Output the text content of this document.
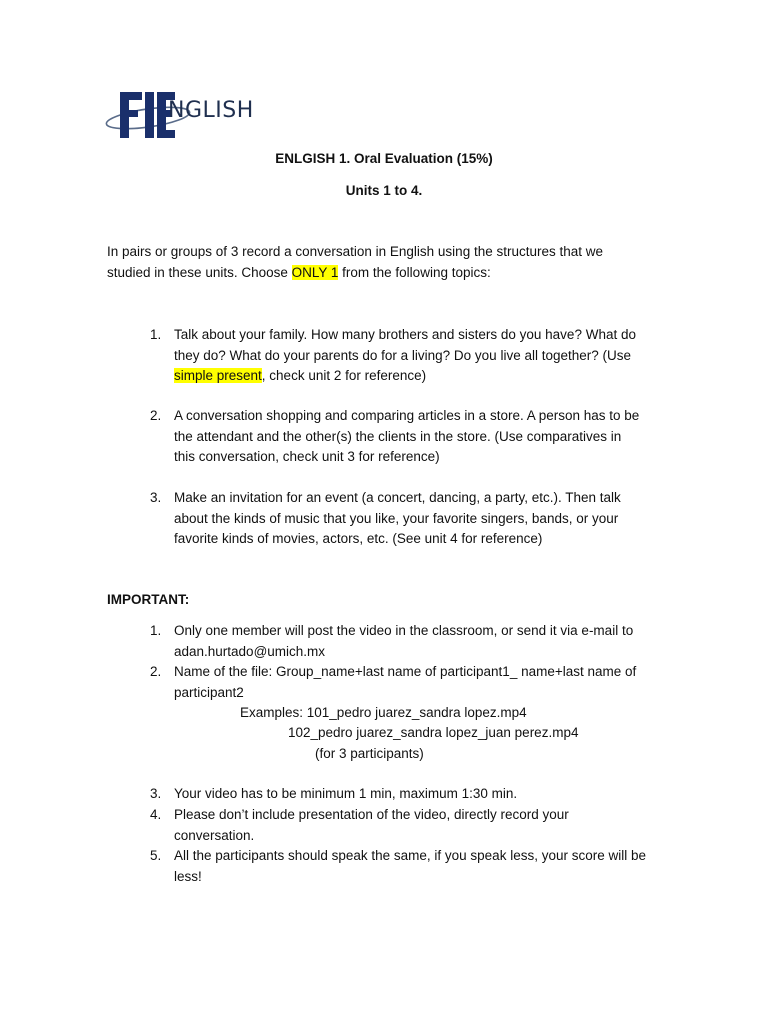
NGLISH
ENLGISH 1. Oral Evaluation (15%)
Units 1 to 4.
In pairs or groups of 3 record a conversation in English using the structures that we
studied in these units. Choose ONLY 1 from the following topics:
1. Talk about your family. How many brothers and sisters do you have? What do
they do? What do your parents do for a living? Do you live all together? (Use
simple present, check unit 2 for reference)
2. A conversation shopping and comparing articles in a store. A person has to be
the attendant and the other(s) the clients in the store. (Use comparatives in
this conversation, check unit 3 for reference)
3. Make an invitation for an event (a concert, dancing, a party, etc.). Then talk
about the kinds of music that you like, your favorite singers, bands, or your
favorite kinds of movies, actors, etc. (See unit 4 for reference)
IMPORTANT:
1. Only one member will post the video in the classroom, or send it via e-mail to
adan.hurtado@umich.mx
2. Name of the file: Group_name+last name of participant1_ name+last name of
participant2
Examples: 101_pedro juarez_sandra lopez.mp4
102_pedro juarez_sandra lopez_juan perez.mp4
(for 3 participants)
3. Your video has to be minimum 1 min, maximum 1:30 min.
4. Please don’t include presentation of the video, directly record your
conversation.
5. All the participants should speak the same, if you speak less, your score will be
less!
